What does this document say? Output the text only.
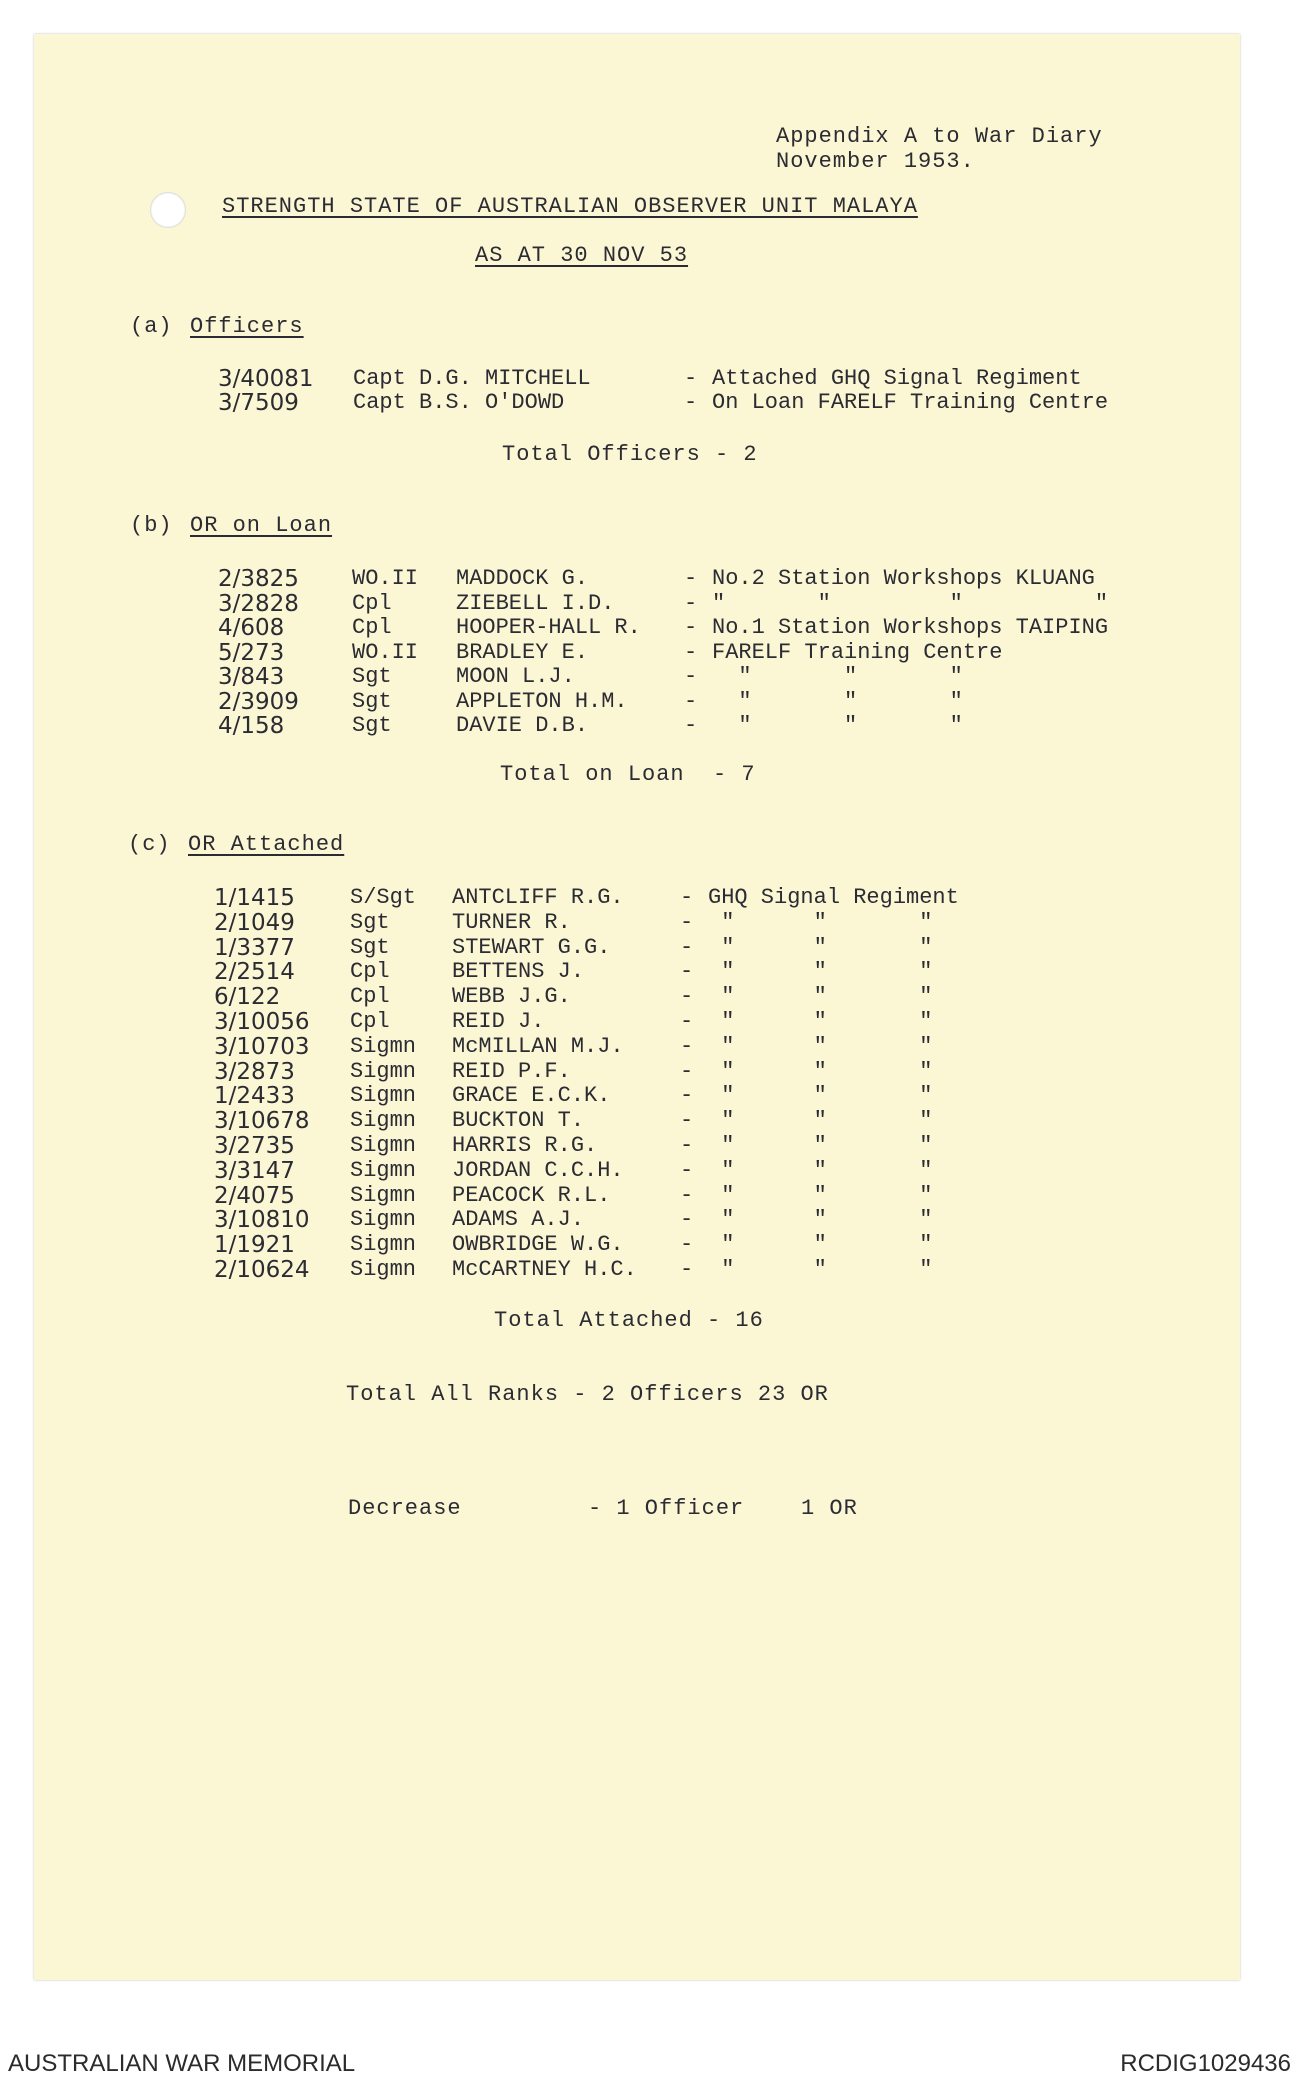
Appendix A to War Diary
November 1953.
STRENGTH STATE OF AUSTRALIAN OBSERVER UNIT MALAYA
AS AT 30 NOV 53
(a) Officers
3/40081 Capt D.G. MITCHELL	- Attached GHQ Signal Regiment
3/7509 Capt B.S. O'DOWD	- On Loan FARELF Training Centre
Total Officers - 2
(b) OR on Loan
2/3825 WO.II MADDOCK G.	- No.2 Station Workshops KLUANG
3/2828 Cpl	ZIEBELL I.D.	- "       "         "          "
4/608	Cpl	HOOPER-HALL R. - No.1 Station Workshops TAIPING
5/273	WO.II BRADLEY E.	- FARELF Training Centre
3/843	Sgt	MOON L.J.	- "       "       "
2/3909 Sgt	APPLETON H.M.	- "       "       "
4/158	Sgt	DAVIE D.B.	- "       "       "
Total on Loan  - 7
(c) OR Attached
1/1415	S/Sgt ANTCLIFF R.G.	- GHQ Signal Regiment
2/1049	Sgt	TURNER R.	- "      "       "
1/3377	Sgt	STEWART G.G.	- "      "       "
2/2514	Cpl	BETTENS J.	- "      "       "
6/122	Cpl	WEBB J.G.	- "      "       "
3/10056 Cpl	REID J.	- "      "       "
3/10703 Sigmn McMILLAN M.J.	- "      "       "
3/2873	Sigmn REID P.F.	- "      "       "
1/2433	Sigmn GRACE E.C.K.	- "      "       "
3/10678 Sigmn BUCKTON T.	- "      "       "
3/2735	Sigmn HARRIS R.G.	- "      "       "
3/3147	Sigmn JORDAN C.C.H.	- "      "       "
2/4075	Sigmn PEACOCK R.L.	- "      "       "
3/10810 Sigmn ADAMS A.J.	- "      "       "
1/1921	Sigmn OWBRIDGE W.G.	- "      "       "
2/10624 Sigmn McCARTNEY H.C. - "      "       "
Total Attached - 16
Total All Ranks - 2 Officers 23 OR
Decrease	- 1 Officer    1 OR
AUSTRALIAN WAR MEMORIAL	RCDIG1029436
